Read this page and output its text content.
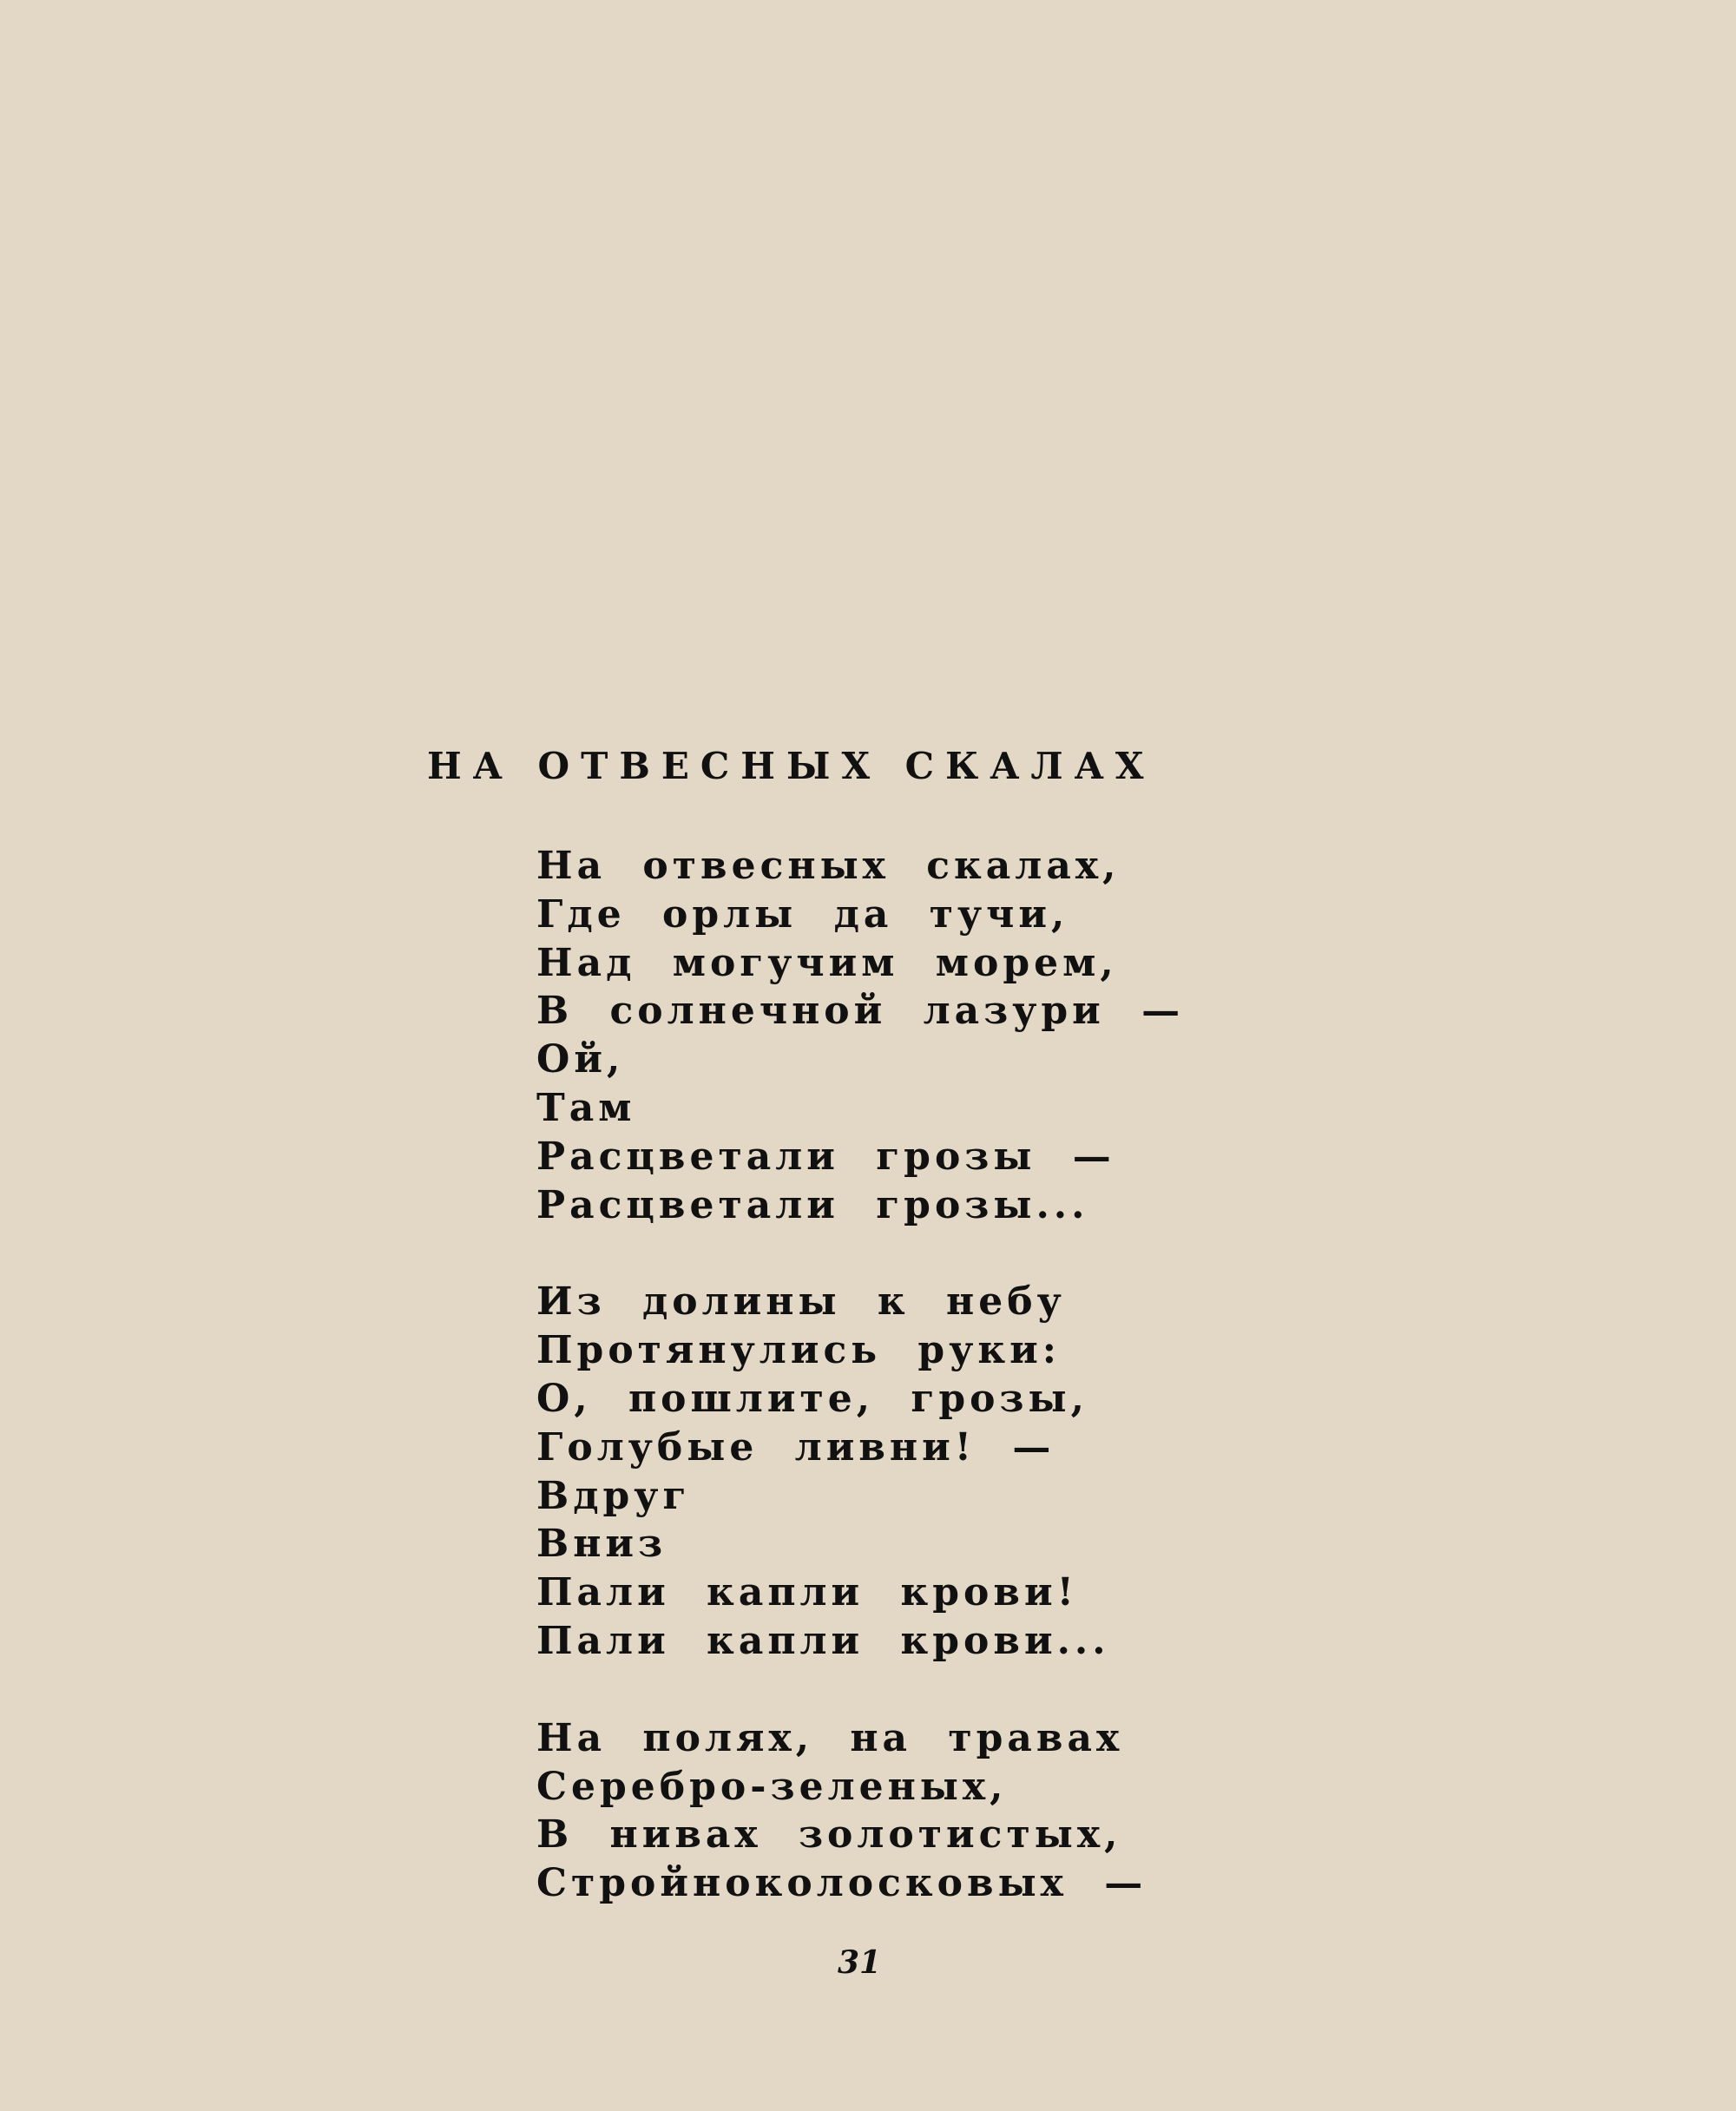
НА ОТВЕСНЫХ СКАЛАХ
На отвесных скалах,
Где орлы да тучи,
Над могучим морем,
В солнечной лазури —
Ой,
Там
Расцветали грозы —
Расцветали грозы...
Из долины к небу
Протянулись руки:
О, пошлите, грозы,
Голубые ливни! —
Вдруг
Вниз
Пали капли крови!
Пали капли крови...
На полях, на травах
Серебро-зеленых,
В нивах золотистых,
Стройноколосковых —
31
